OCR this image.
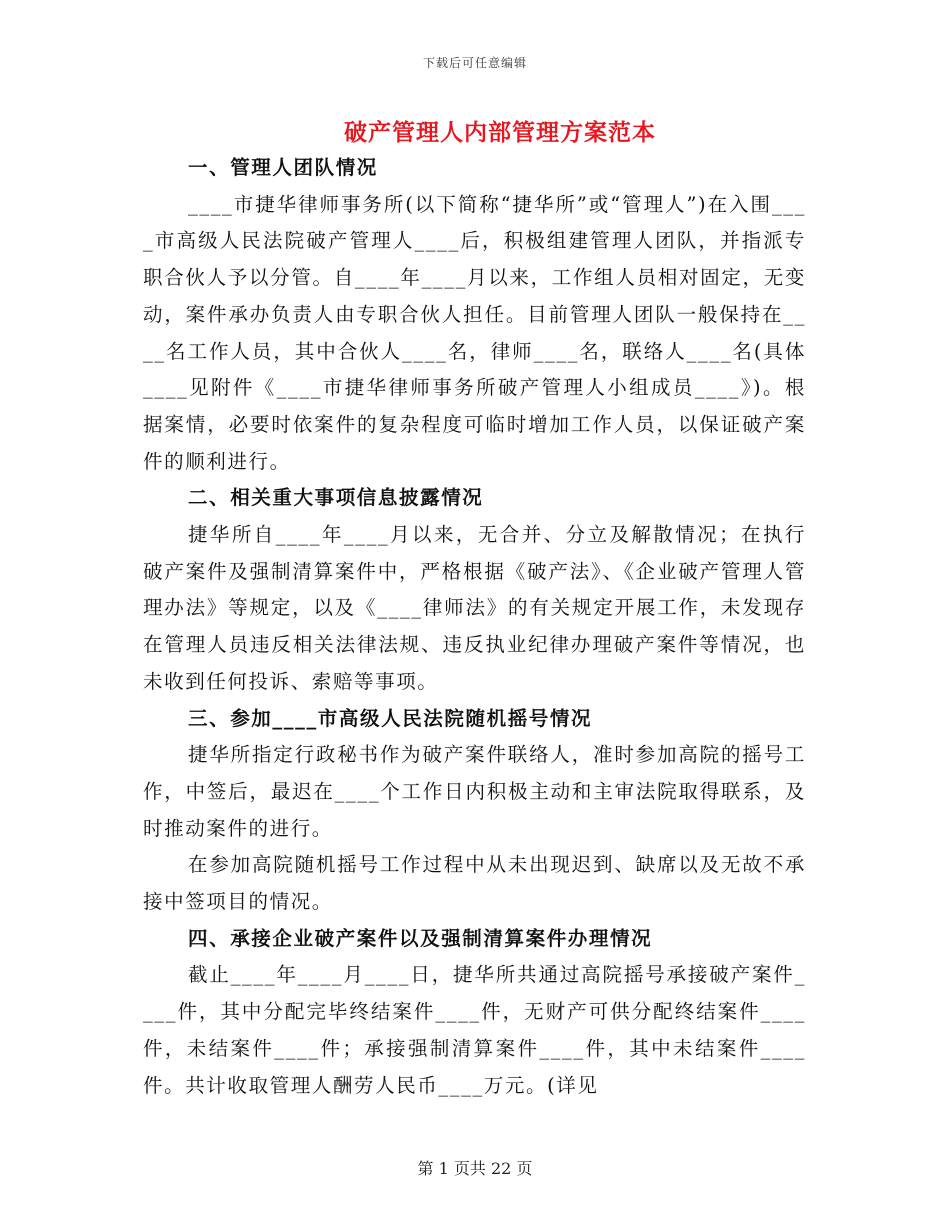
下载后可任意编辑
破产管理人内部管理方案范本
一、管理人团队情况

____市捷华律师事务所(以下简称“捷华所”或“管理人”)在入围____市高级人民法院破产管理人____后，积极组建管理人团队，并指派专职合伙人予以分管。自____年____月以来，工作组人员相对固定，无变动，案件承办负责人由专职合伙人担任。目前管理人团队一般保持在____名工作人员，其中合伙人____名，律师____名，联络人____名(具体____见附件《____市捷华律师事务所破产管理人小组成员____》)。根据案情，必要时依案件的复杂程度可临时增加工作人员，以保证破产案件的顺利进行。

二、相关重大事项信息披露情况

捷华所自____年____月以来，无合并、分立及解散情况；在执行破产案件及强制清算案件中，严格根据《破产法》、《企业破产管理人管理办法》等规定，以及《____律师法》的有关规定开展工作，未发现存在管理人员违反相关法律法规、违反执业纪律办理破产案件等情况，也未收到任何投诉、索赔等事项。

三、参加____市高级人民法院随机摇号情况

捷华所指定行政秘书作为破产案件联络人，准时参加高院的摇号工作，中签后，最迟在____个工作日内积极主动和主审法院取得联系，及时推动案件的进行。

在参加高院随机摇号工作过程中从未出现迟到、缺席以及无故不承接中签项目的情况。

四、承接企业破产案件以及强制清算案件办理情况

截止____年____月____日，捷华所共通过高院摇号承接破产案件____件，其中分配完毕终结案件____件，无财产可供分配终结案件____件，未结案件____件；承接强制清算案件____件，其中未结案件____件。共计收取管理人酬劳人民币____万元。(详见

第 1 页共 22 页
